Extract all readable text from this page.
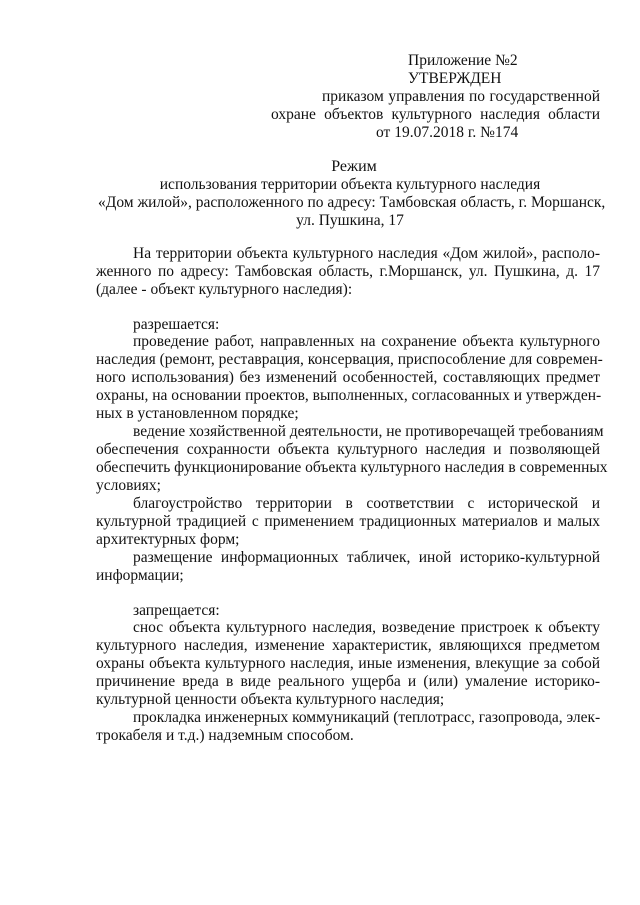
Приложение №2
УТВЕРЖДЕН
приказом управления по государственной
охране объектов культурного наследия области
от 19.07.2018 г. №174
Режим
использования территории объекта культурного наследия
«Дом жилой», расположенного по адресу: Тамбовская область, г. Моршанск,
ул. Пушкина, 17
На территории объекта культурного наследия «Дом жилой», располо-
женного по адресу: Тамбовская область, г.Моршанск, ул. Пушкина, д. 17
(далее - объект культурного наследия):
разрешается:
проведение работ, направленных на сохранение объекта культурного
наследия (ремонт, реставрация, консервация, приспособление для современ-
ного использования) без изменений особенностей, составляющих предмет
охраны, на основании проектов, выполненных, согласованных и утвержден-
ных в установленном порядке;
ведение хозяйственной деятельности, не противоречащей требованиям
обеспечения сохранности объекта культурного наследия и позволяющей
обеспечить функционирование объекта культурного наследия в современных
условиях;
благоустройство территории в соответствии с исторической и
культурной традицией с применением традиционных материалов и малых
архитектурных форм;
размещение информационных табличек, иной историко-культурной
информации;
запрещается:
снос объекта культурного наследия, возведение пристроек к объекту
культурного наследия, изменение характеристик, являющихся предметом
охраны объекта культурного наследия, иные изменения, влекущие за собой
причинение вреда в виде реального ущерба и (или) умаление историко-
культурной ценности объекта культурного наследия;
прокладка инженерных коммуникаций (теплотрасс, газопровода, элек-
трокабеля и т.д.) надземным способом.
